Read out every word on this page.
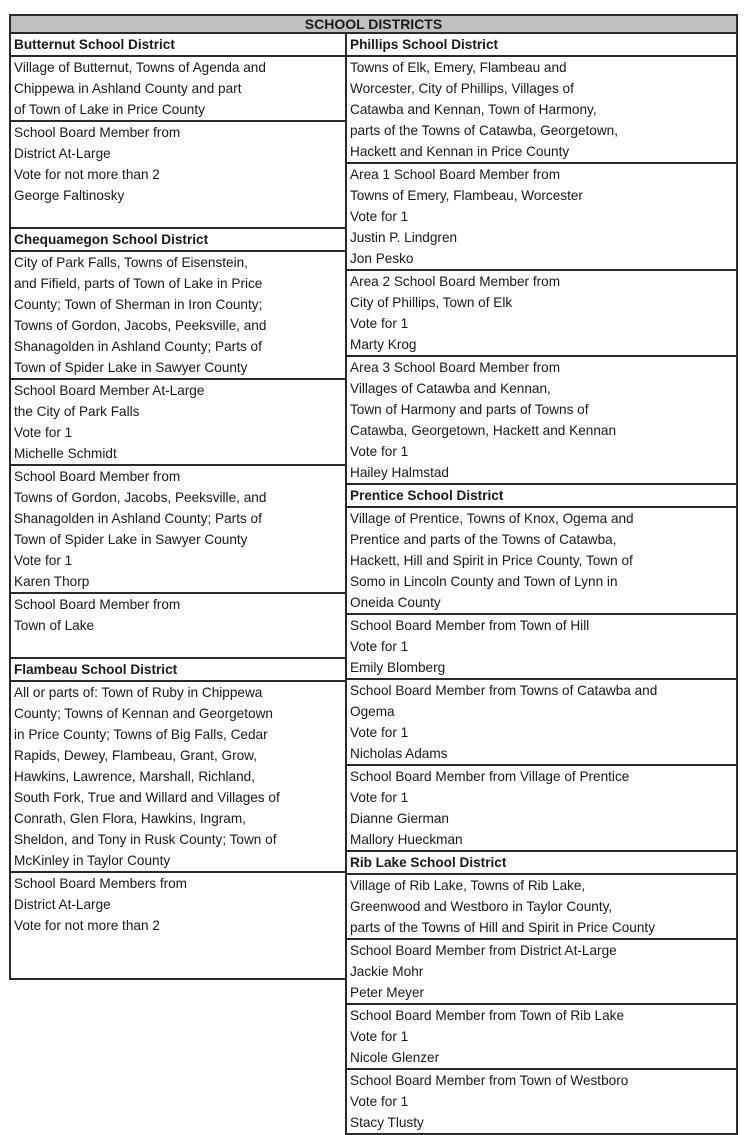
SCHOOL DISTRICTS
Butternut School District
Village of Butternut, Towns of Agenda and
Chippewa in Ashland County and part
of Town of Lake in Price County
School Board Member from
District At-Large
Vote for not more than 2
George Faltinosky
Chequamegon School District
City of Park Falls, Towns of Eisenstein,
and Fifield, parts of Town of Lake in Price
County; Town of Sherman in Iron County;
Towns of Gordon, Jacobs, Peeksville, and
Shanagolden in Ashland County; Parts of
Town of Spider Lake in Sawyer County
School Board Member At-Large
the City of Park Falls
Vote for 1
Michelle Schmidt
School Board Member from
Towns of Gordon, Jacobs, Peeksville, and
Shanagolden in Ashland County; Parts of
Town of Spider Lake in Sawyer County
Vote for 1
Karen Thorp
School Board Member from
Town of Lake
Flambeau School District
All or parts of: Town of Ruby in Chippewa
County; Towns of Kennan and Georgetown
in Price County; Towns of Big Falls, Cedar
Rapids, Dewey, Flambeau, Grant, Grow,
Hawkins, Lawrence, Marshall, Richland,
South Fork, True and Willard and Villages of
Conrath, Glen Flora, Hawkins, Ingram,
Sheldon, and Tony in Rusk County; Town of
McKinley in Taylor County
School Board Members from
District At-Large
Vote for not more than 2
Phillips School District
Towns of Elk, Emery, Flambeau and
Worcester, City of Phillips, Villages of
Catawba and Kennan, Town of Harmony,
parts of the Towns of Catawba, Georgetown,
Hackett and Kennan in Price County
Area 1 School Board Member from
Towns of Emery, Flambeau, Worcester
Vote for 1
Justin P. Lindgren
Jon Pesko
Area 2 School Board Member from
City of Phillips, Town of Elk
Vote for 1
Marty Krog
Area 3 School Board Member from
Villages of Catawba and Kennan,
Town of Harmony and parts of Towns of
Catawba, Georgetown, Hackett and Kennan
Vote for 1
Hailey Halmstad
Prentice School District
Village of Prentice, Towns of Knox, Ogema and
Prentice and parts of the Towns of Catawba,
Hackett, Hill and Spirit in Price County, Town of
Somo in Lincoln County and Town of Lynn in
Oneida County
School Board Member from Town of Hill
Vote for 1
Emily Blomberg
School Board Member from Towns of Catawba and
Ogema
Vote for 1
Nicholas Adams
School Board Member from Village of Prentice
Vote for 1
Dianne Gierman
Mallory Hueckman
Rib Lake School District
Village of Rib Lake, Towns of Rib Lake,
Greenwood and Westboro in Taylor County,
parts of the Towns of Hill and Spirit in Price County
School Board Member from District At-Large
Jackie Mohr
Peter Meyer
School Board Member from Town of Rib Lake
Vote for 1
Nicole Glenzer
School Board Member from Town of Westboro
Vote for 1
Stacy Tlusty
